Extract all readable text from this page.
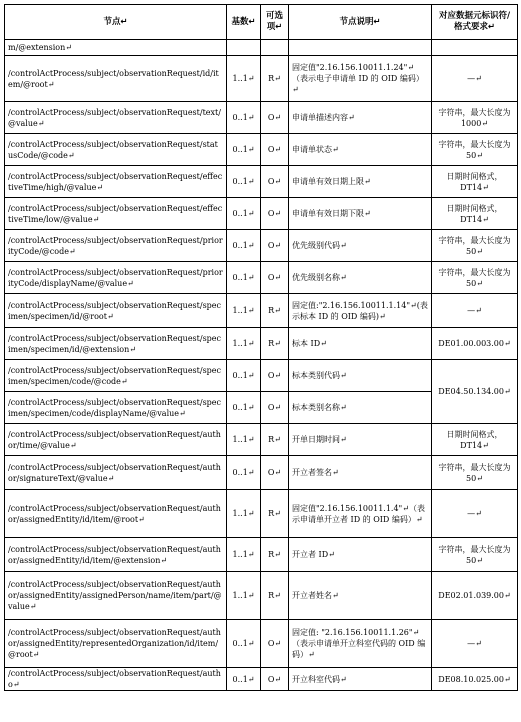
节点↵	基数↵	可选项↵	节点说明↵	对应数据元标识符/格式要求↵
m/@extension↵				
/controlActProcess/subject/observationRequest/id/item/@root↵	1..1↵	R↵	固定值"2.16.156.10011.1.24"↵（表示电子申请单 ID 的 OID 编码）↵	—↵
/controlActProcess/subject/observationRequest/text/@value↵	0..1↵	O↵	申请单描述内容↵	字符串，最大长度为 1000↵
/controlActProcess/subject/observationRequest/statusCode/@code↵	0..1↵	O↵	申请单状态↵	字符串，最大长度为 50↵
/controlActProcess/subject/observationRequest/effectiveTime/high/@value↵	0..1↵	O↵	申请单有效日期上限↵	日期时间格式，DT14↵
/controlActProcess/subject/observationRequest/effectiveTime/low/@value↵	0..1↵	O↵	申请单有效日期下限↵	日期时间格式，DT14↵
/controlActProcess/subject/observationRequest/priorityCode/@code↵	0..1↵	O↵	优先级别代码↵	字符串，最大长度为 50↵
/controlActProcess/subject/observationRequest/priorityCode/displayName/@value↵	0..1↵	O↵	优先级别名称↵	字符串，最大长度为 50↵
/controlActProcess/subject/observationRequest/specimen/specimen/id/@root↵	1..1↵	R↵	固定值:"2.16.156.10011.1.14"↵(表示标本 ID 的 OID 编码)↵	—↵
/controlActProcess/subject/observationRequest/specimen/specimen/id/@extension↵	1..1↵	R↵	标本 ID↵	DE01.00.003.00↵
/controlActProcess/subject/observationRequest/specimen/specimen/code/@code↵	0..1↵	O↵	标本类别代码↵	DE04.50.134.00↵
/controlActProcess/subject/observationRequest/specimen/specimen/code/displayName/@value↵	0..1↵	O↵	标本类别名称↵	
/controlActProcess/subject/observationRequest/author/time/@value↵	1..1↵	R↵	开单日期时间↵	日期时间格式，DT14↵
/controlActProcess/subject/observationRequest/author/signatureText/@value↵	0..1↵	O↵	开立者签名↵	字符串，最大长度为 50↵
/controlActProcess/subject/observationRequest/author/assignedEntity/id/item/@root↵	1..1↵	R↵	固定值"2.16.156.10011.1.4"↵（表示申请单开立者 ID 的 OID 编码）↵	—↵
/controlActProcess/subject/observationRequest/author/assignedEntity/id/item/@extension↵	1..1↵	R↵	开立者 ID↵	字符串，最大长度为 50↵
/controlActProcess/subject/observationRequest/author/assignedEntity/assignedPerson/name/item/part/@value↵	1..1↵	R↵	开立者姓名↵	DE02.01.039.00↵
/controlActProcess/subject/observationRequest/author/assignedEntity/representedOrganization/id/item/@root↵	0..1↵	O↵	固定值: "2.16.156.10011.1.26"↵（表示申请单开立科室代码的 OID 编码）↵	—↵
/controlActProcess/subject/observationRequest/autho↵	0..1↵	O↵	开立科室代码↵	DE08.10.025.00↵
